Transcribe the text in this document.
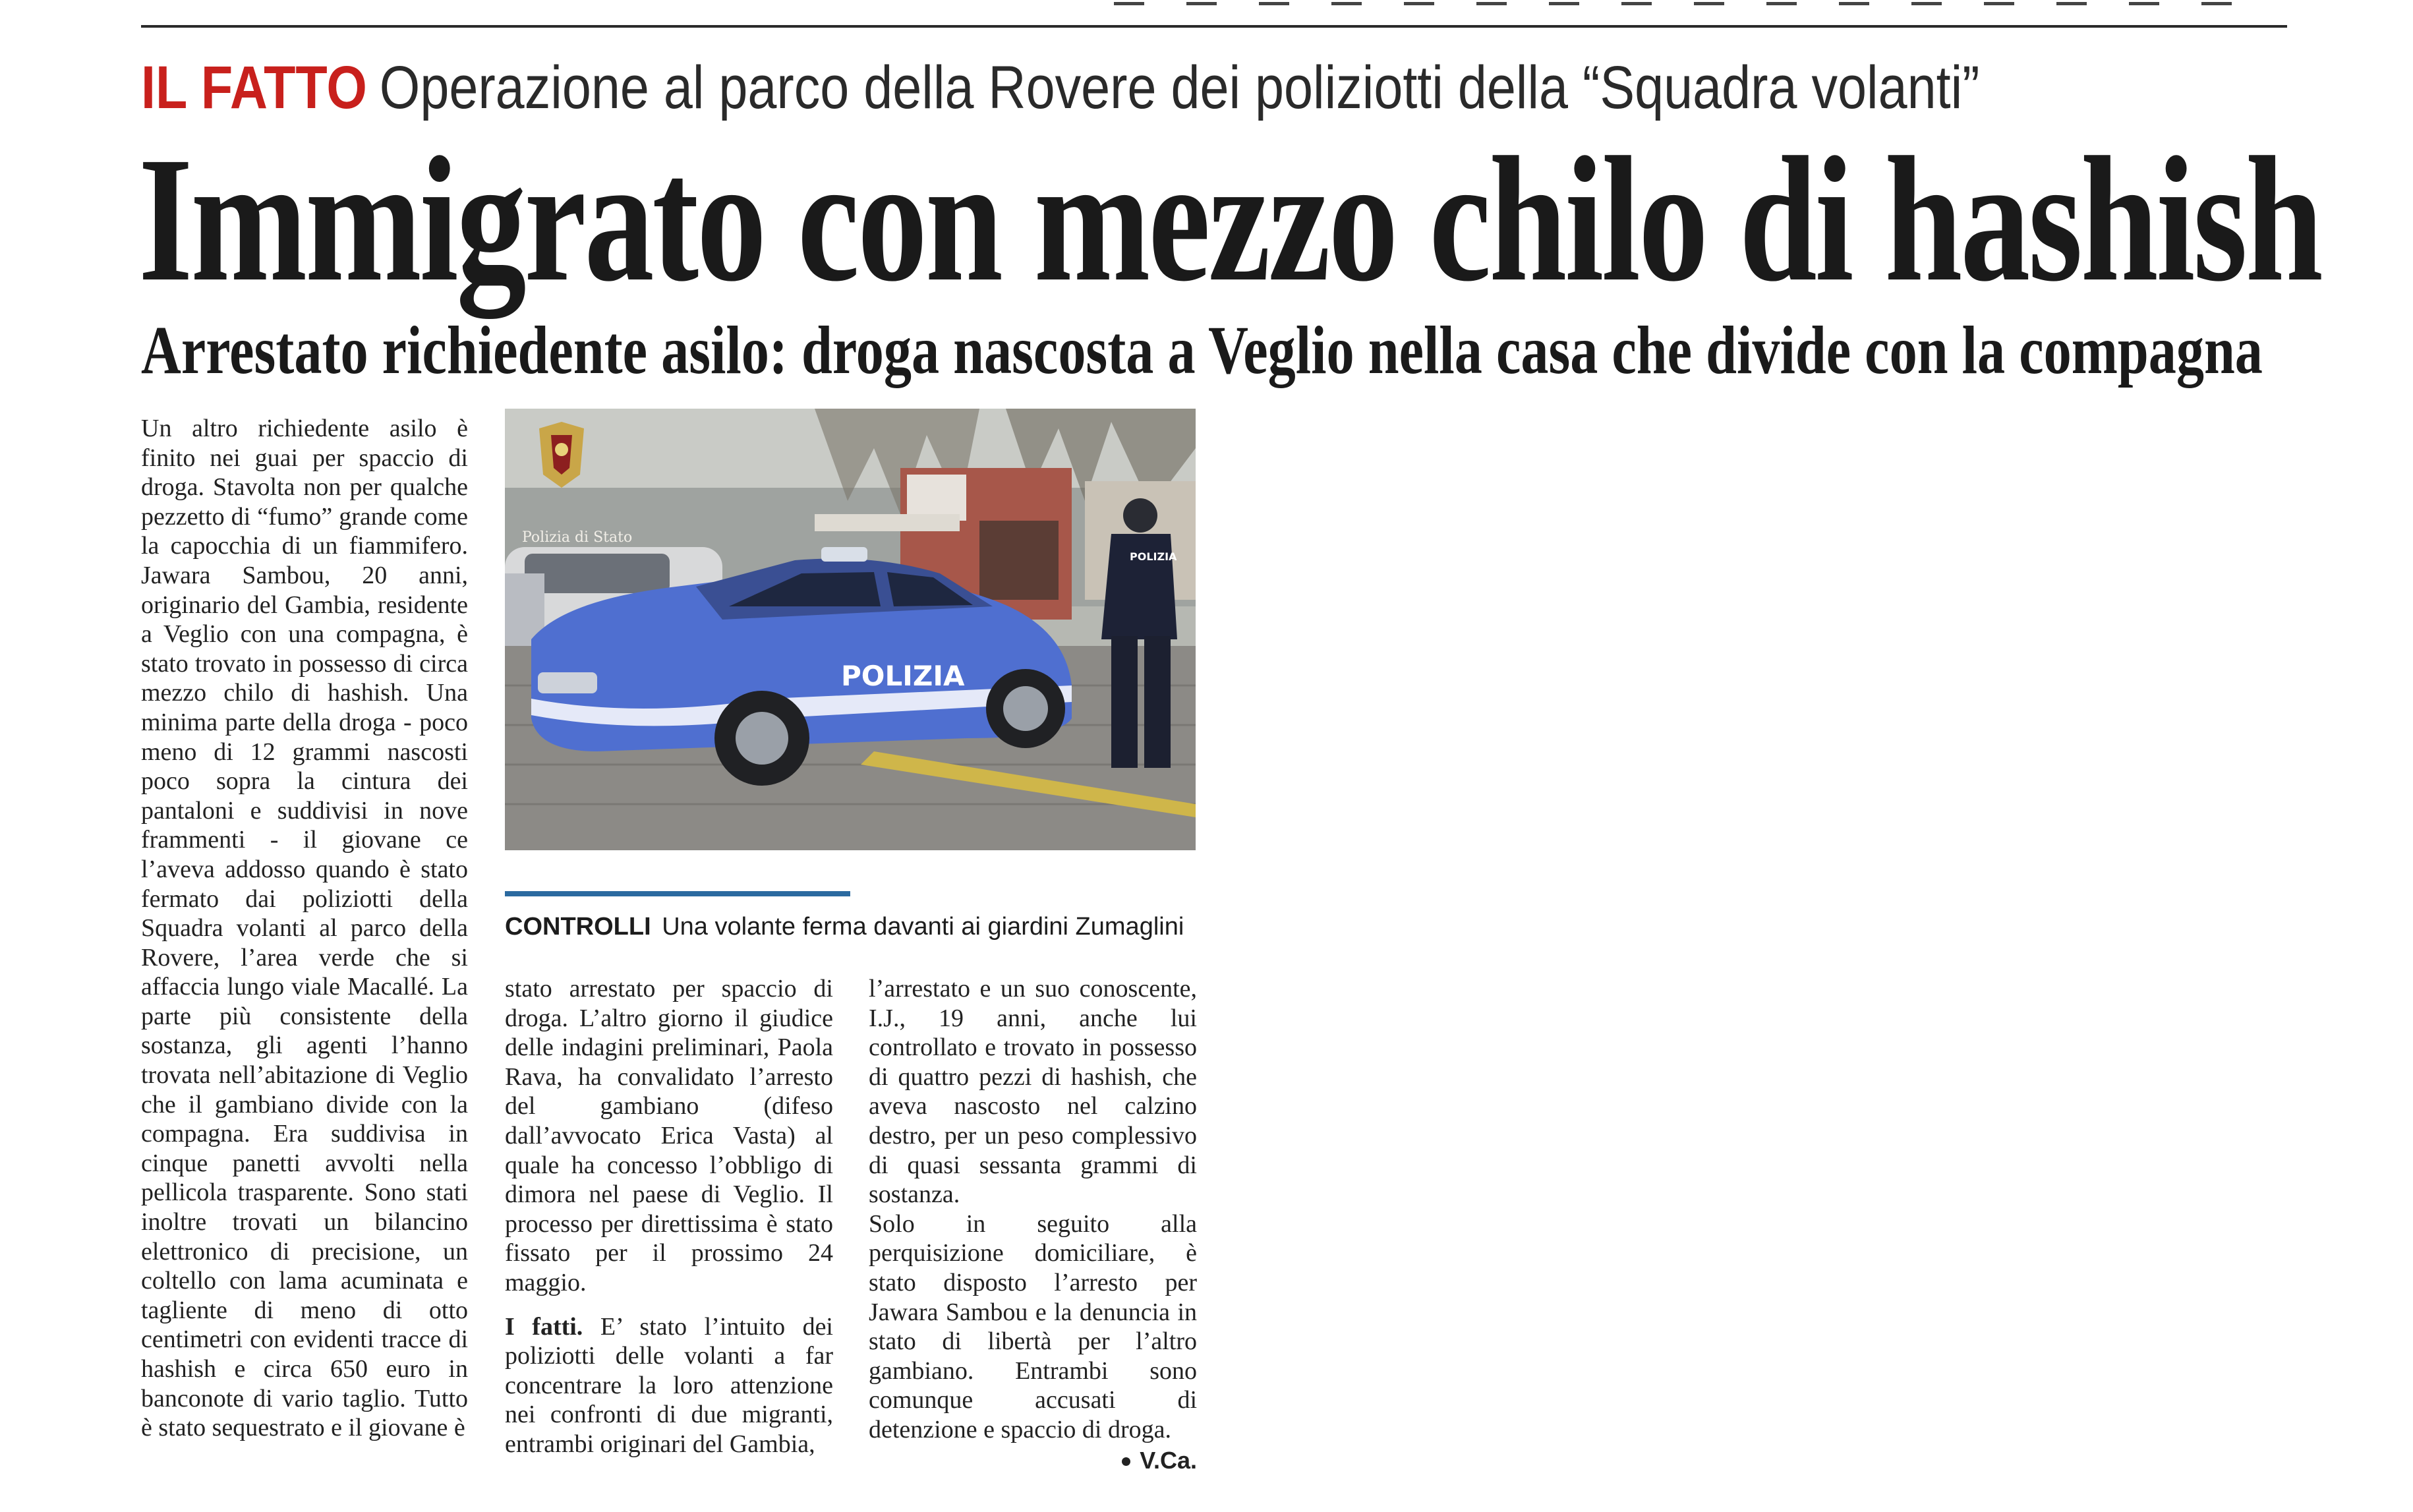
IL FATTO Operazione al parco della Rovere dei poliziotti della “Squadra volanti”
Immigrato con mezzo chilo di hashish
Arrestato richiedente asilo: droga nascosta a Veglio nella casa che divide con la compagna

Un altro richiedente asilo è finito nei guai per spaccio di droga. Stavolta non per qualche pezzetto di “fumo” grande come la capocchia di un fiammifero. Jawara Sambou, 20 anni, originario del Gambia, residente a Veglio con una compagna, è stato trovato in possesso di circa mezzo chilo di hashish. Una minima parte della droga - poco meno di 12 grammi nascosti poco sopra la cintura dei pantaloni e suddivisi in nove frammenti - il giovane ce l’aveva addosso quando è stato fermato dai poliziotti della Squadra volanti al parco della Rovere, l’area verde che si affaccia lungo viale Macallé. La parte più consistente della sostanza, gli agenti l’hanno trovata nell’abitazione di Veglio che il gambiano divide con la compagna. Era suddivisa in cinque panetti avvolti nella pellicola trasparente. Sono stati inoltre trovati un bilancino elettronico di precisione, un coltello con lama acuminata e tagliente di meno di otto centimetri con evidenti tracce di hashish e circa 650 euro in banconote di vario taglio. Tutto è stato sequestrato e il giovane è

POLIZIA
POLIZIA
Polizia di Stato
CONTROLLI Una volante ferma davanti ai giardini Zumaglini

stato arrestato per spaccio di droga. L’altro giorno il giudice delle indagini preliminari, Paola Rava, ha convalidato l’arresto del gambiano (difeso dall’avvocato Erica Vasta) al quale ha concesso l’obbligo di dimora nel paese di Veglio. Il processo per direttissima è stato fissato per il prossimo 24 maggio.

I fatti. E’ stato l’intuito dei poliziotti delle volanti a far concentrare la loro attenzione nei confronti di due migranti, entrambi originari del Gambia,

l’arrestato e un suo conoscente, I.J., 19 anni, anche lui controllato e trovato in possesso di quattro pezzi di hashish, che aveva nascosto nel calzino destro, per un peso complessivo di quasi sessanta grammi di sostanza.

Solo in seguito alla perquisizione domiciliare, è stato disposto l’arresto per Jawara Sambou e la denuncia in stato di libertà per l’altro gambiano. Entrambi sono comunque accusati di detenzione e spaccio di droga.

V.Ca.
